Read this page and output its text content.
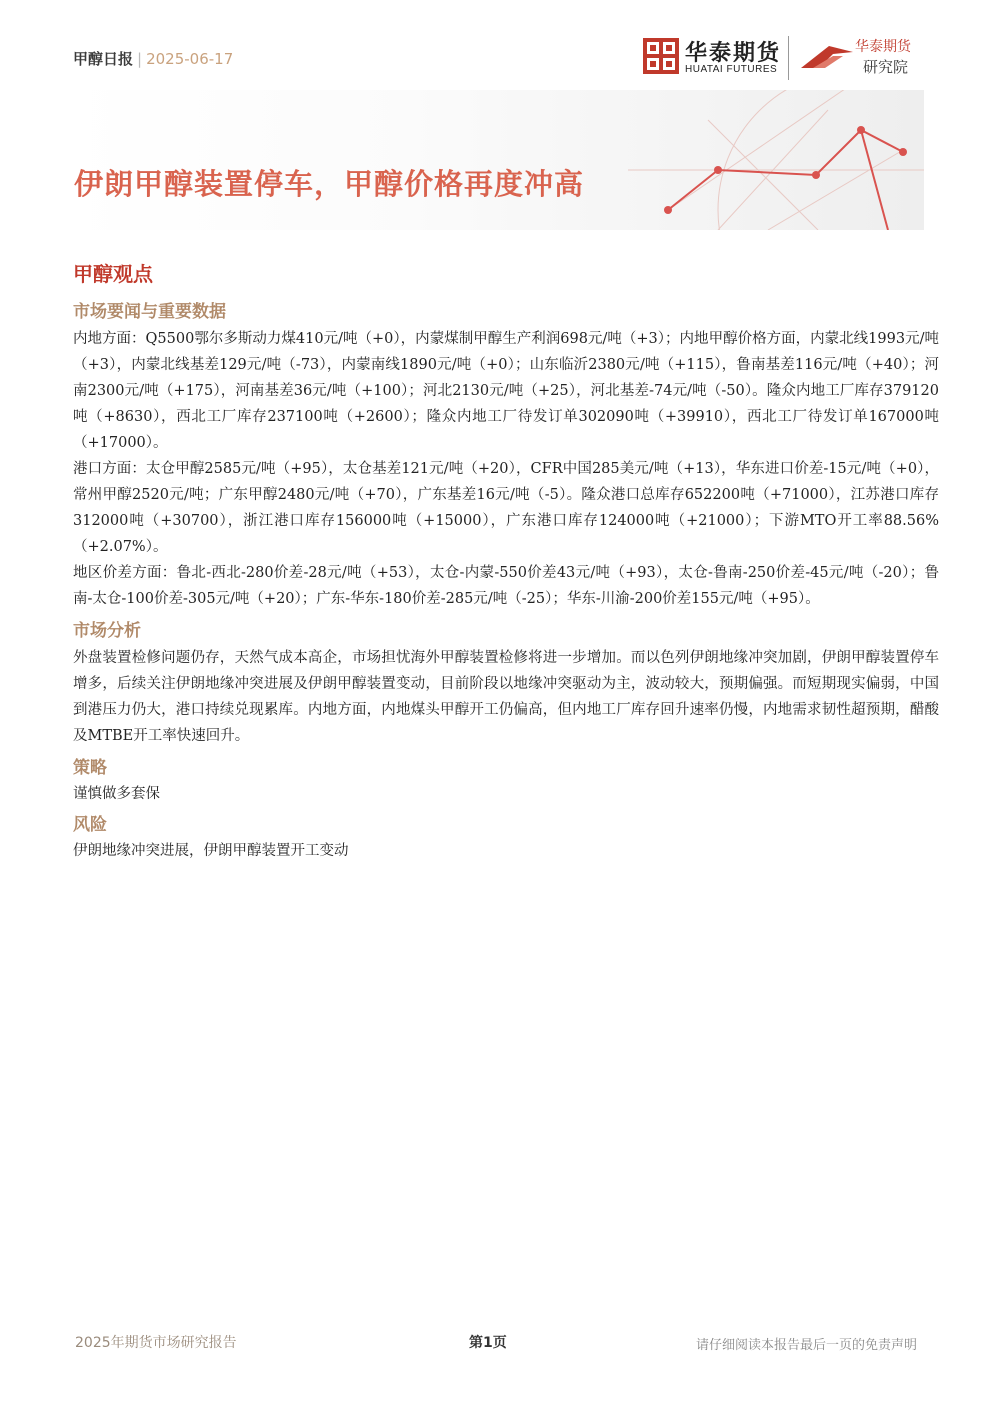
甲醇日报 | 2025-06-17	华泰期货
HUATAI FUTURES
华泰期货
研究院
伊朗甲醇装置停车，甲醇价格再度冲高
甲醇观点
市场要闻与重要数据

内地方面：Q5500鄂尔多斯动力煤410元/吨（+0），内蒙煤制甲醇生产利润698元/吨（+3）；内地甲醇价格方面，内蒙北线1993元/吨（+3），内蒙北线基差129元/吨（-73），内蒙南线1890元/吨（+0）；山东临沂2380元/吨（+115），鲁南基差116元/吨（+40）；河南2300元/吨（+175），河南基差36元/吨（+100）；河北2130元/吨（+25），河北基差-74元/吨（-50）。隆众内地工厂库存379120吨（+8630），西北工厂库存237100吨（+2600）；隆众内地工厂待发订单302090吨（+39910），西北工厂待发订单167000吨（+17000）。

港口方面：太仓甲醇2585元/吨（+95），太仓基差121元/吨（+20），CFR中国285美元/吨（+13），华东进口价差-15元/吨（+0），常州甲醇2520元/吨；广东甲醇2480元/吨（+70），广东基差16元/吨（-5）。隆众港口总库存652200吨（+71000），江苏港口库存312000吨（+30700），浙江港口库存156000吨（+15000），广东港口库存124000吨（+21000）；下游MTO开工率88.56%（+2.07%）。

地区价差方面：鲁北-西北-280价差-28元/吨（+53），太仓-内蒙-550价差43元/吨（+93），太仓-鲁南-250价差-45元/吨（-20）；鲁南-太仓-100价差-305元/吨（+20）；广东-华东-180价差-285元/吨（-25）；华东-川渝-200价差155元/吨（+95）。

市场分析

外盘装置检修问题仍存，天然气成本高企，市场担忧海外甲醇装置检修将进一步增加。而以色列伊朗地缘冲突加剧，伊朗甲醇装置停车增多，后续关注伊朗地缘冲突进展及伊朗甲醇装置变动，目前阶段以地缘冲突驱动为主，波动较大，预期偏强。而短期现实偏弱，中国到港压力仍大，港口持续兑现累库。内地方面，内地煤头甲醇开工仍偏高，但内地工厂库存回升速率仍慢，内地需求韧性超预期，醋酸及MTBE开工率快速回升。

策略

谨慎做多套保

风险

伊朗地缘冲突进展，伊朗甲醇装置开工变动

2025年期货市场研究报告	第1页	请仔细阅读本报告最后一页的免责声明
